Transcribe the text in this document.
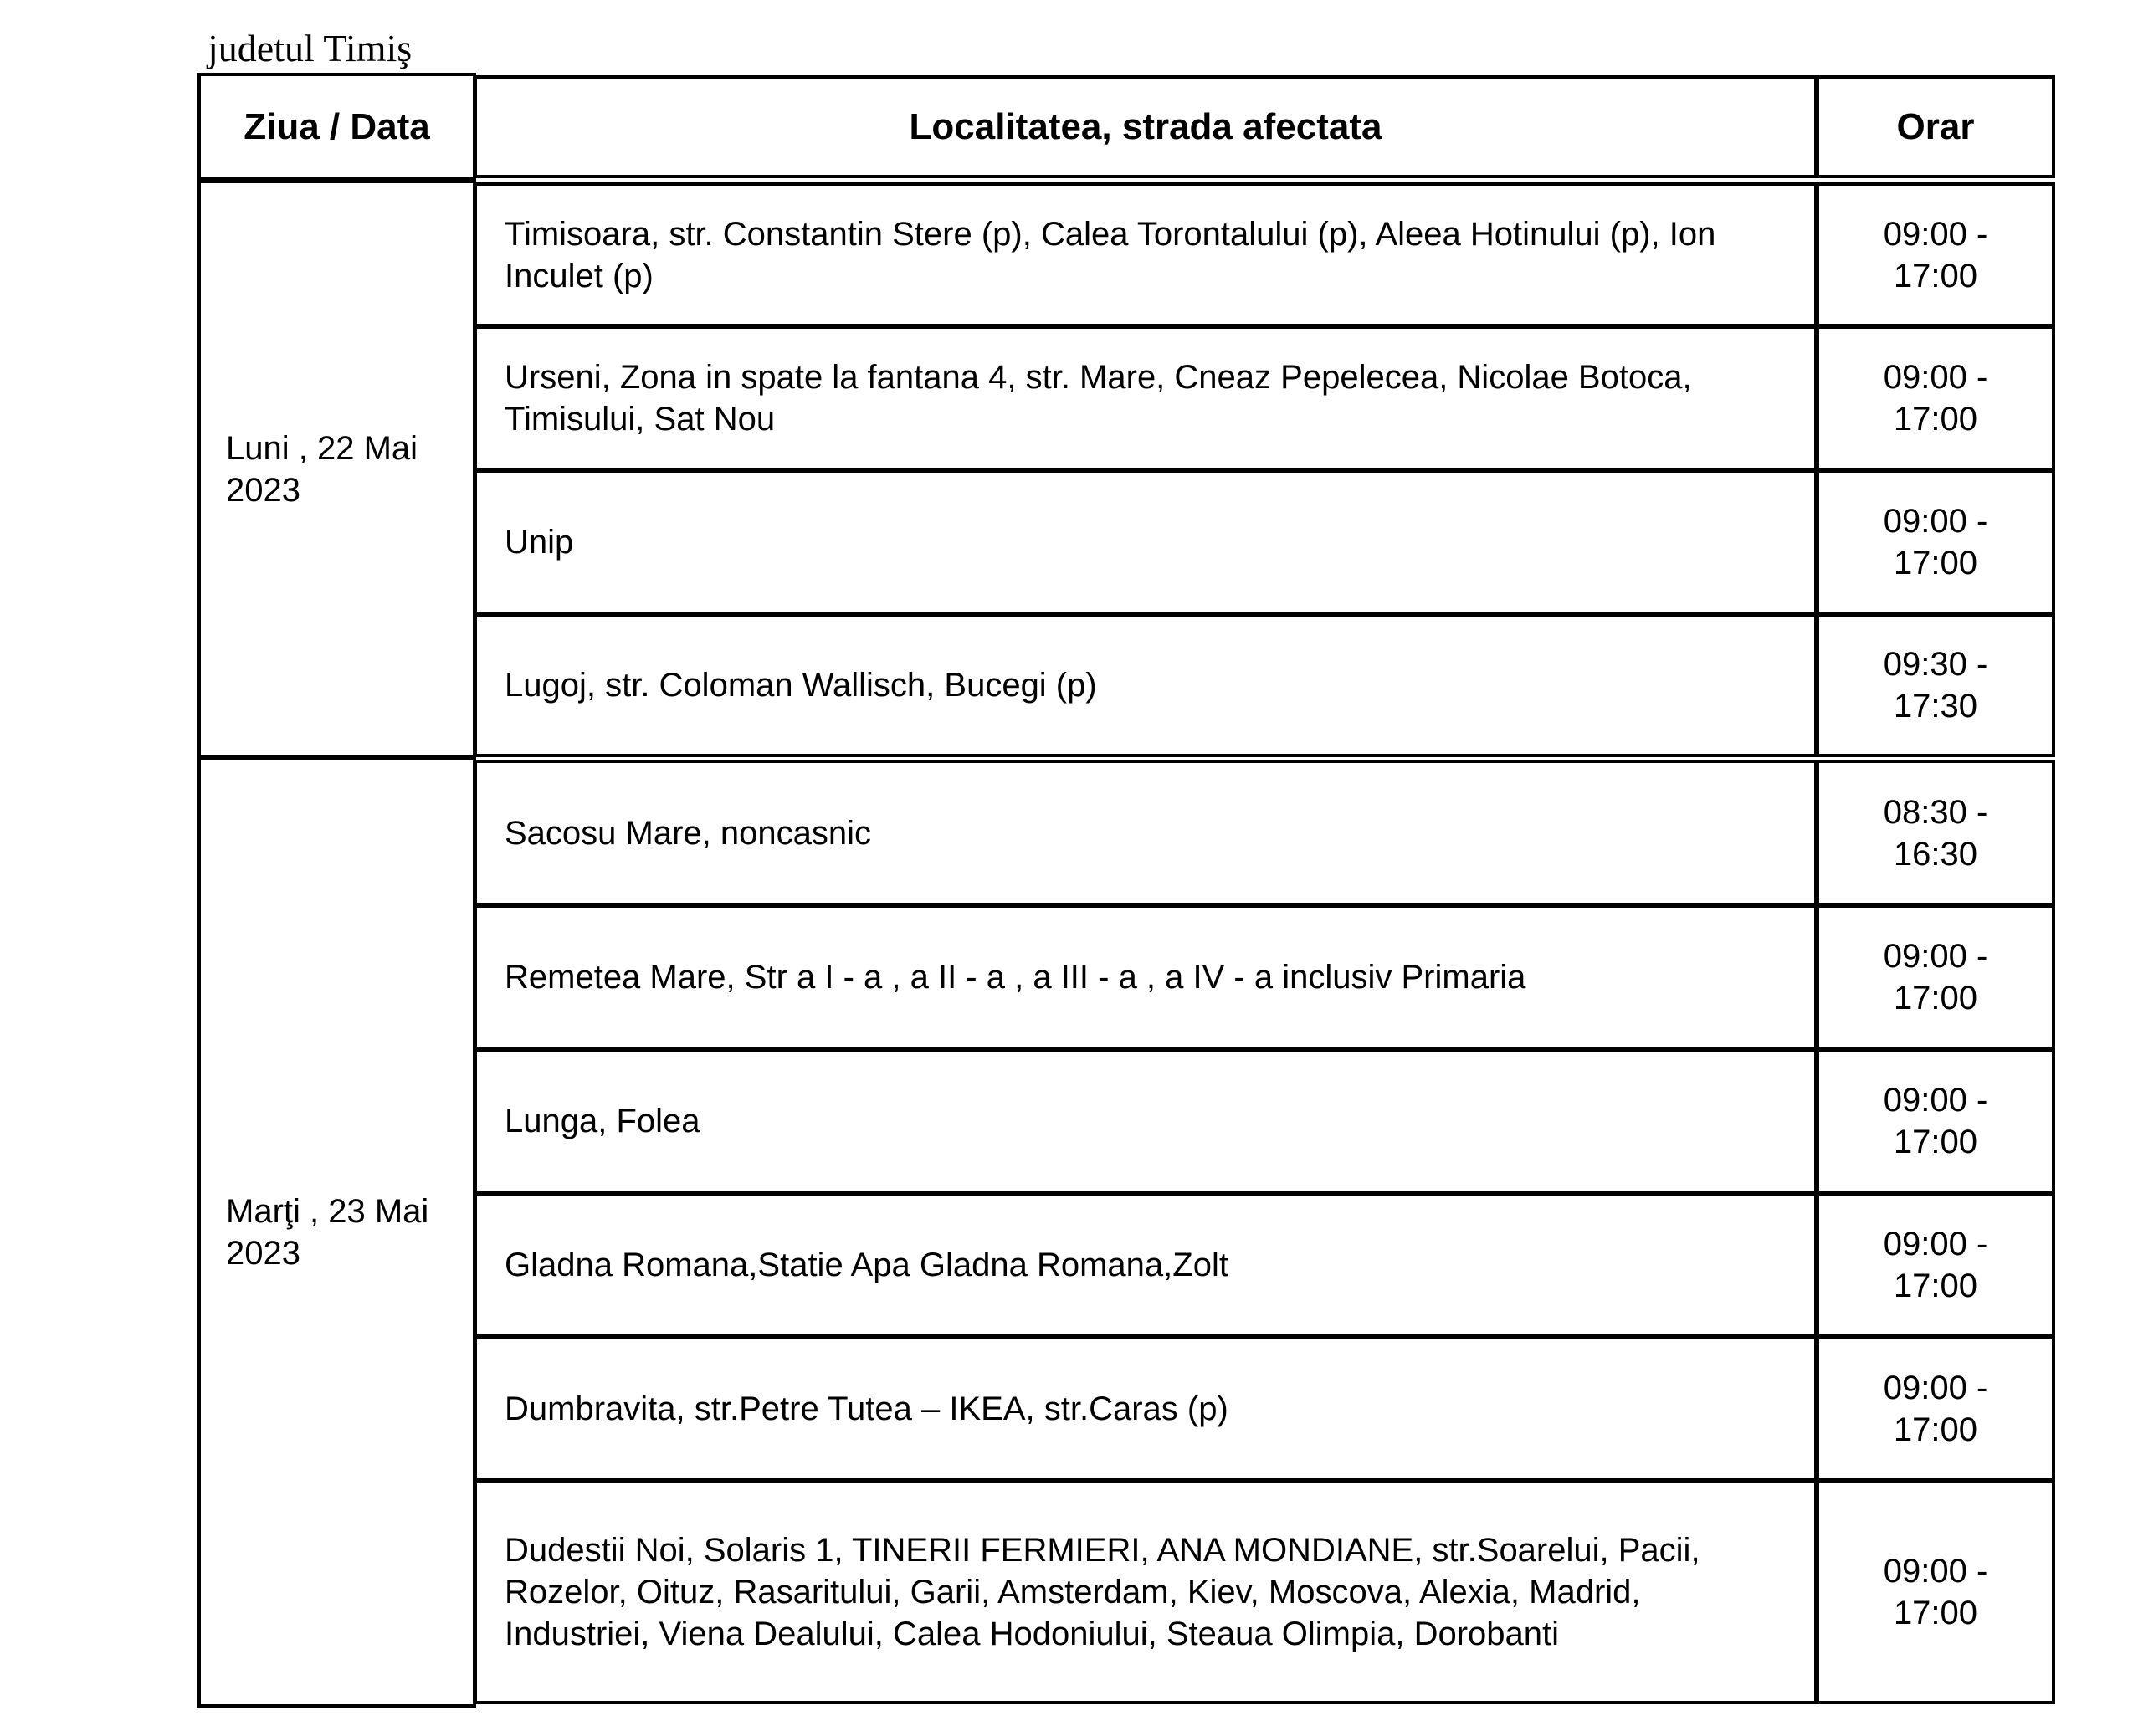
judetul Timiş
Ziua / Data	Localitatea, strada afectata	Orar
Luni , 22 Mai
2023
Marţi , 23 Mai
2023
Timisoara, str. Constantin Stere (p), Calea Torontalului (p), Aleea Hotinului (p), Ion Inculet (p)
09:00 -
17:00
Urseni, Zona in spate la fantana 4, str. Mare, Cneaz Pepelecea, Nicolae Botoca, Timisului, Sat Nou
09:00 -
17:00
Unip
09:00 -
17:00
Lugoj, str. Coloman Wallisch, Bucegi (p)
09:30 -
17:30
Sacosu Mare, noncasnic
08:30 -
16:30
Remetea Mare, Str a I - a , a II - a , a III - a , a IV - a inclusiv Primaria
09:00 -
17:00
Lunga, Folea
09:00 -
17:00
Gladna Romana,Statie Apa Gladna Romana,Zolt
09:00 -
17:00
Dumbravita, str.Petre Tutea – IKEA, str.Caras (p)
09:00 -
17:00
Dudestii Noi, Solaris 1, TINERII FERMIERI, ANA MONDIANE, str.Soarelui, Pacii, Rozelor, Oituz, Rasaritului, Garii, Amsterdam, Kiev, Moscova, Alexia, Madrid, Industriei, Viena Dealului, Calea Hodoniului, Steaua Olimpia, Dorobanti
09:00 -
17:00
